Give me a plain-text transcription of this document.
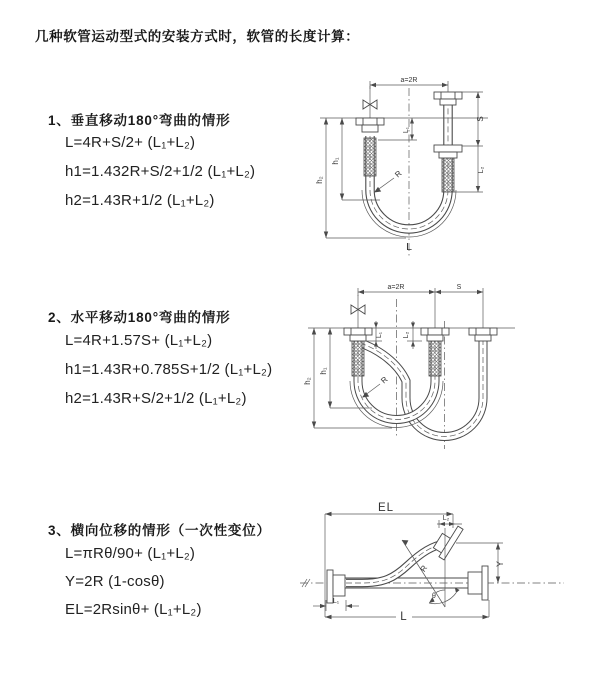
几种软管运动型式的安装方式时，软管的长度计算：
1、垂直移动180°弯曲的情形
L=4R+S/2+ (L₁+L₂)
h1=1.432R+S/2+1/2 (L₁+L₂)
h2=1.43R+1/2 (L₁+L₂)
2、水平移动180°弯曲的情形
L=4R+1.57S+ (L₁+L₂)
h1=1.43R+0.785S+1/2 (L₁+L₂)
h2=1.43R+S/2+1/2 (L₁+L₂)
3、横向位移的情形（一次性变位）
L=πRθ/90+ (L₁+L₂)
Y=2R (1-cosθ)
EL=2Rsinθ+ (L₁+L₂)
a=2R
h₂
h₁
L₁
S
L₂
R
L
a=2R	S
h₂
h₁
L₁	L₂
R
EL
L₂
Y
R
θ
L
L₁
